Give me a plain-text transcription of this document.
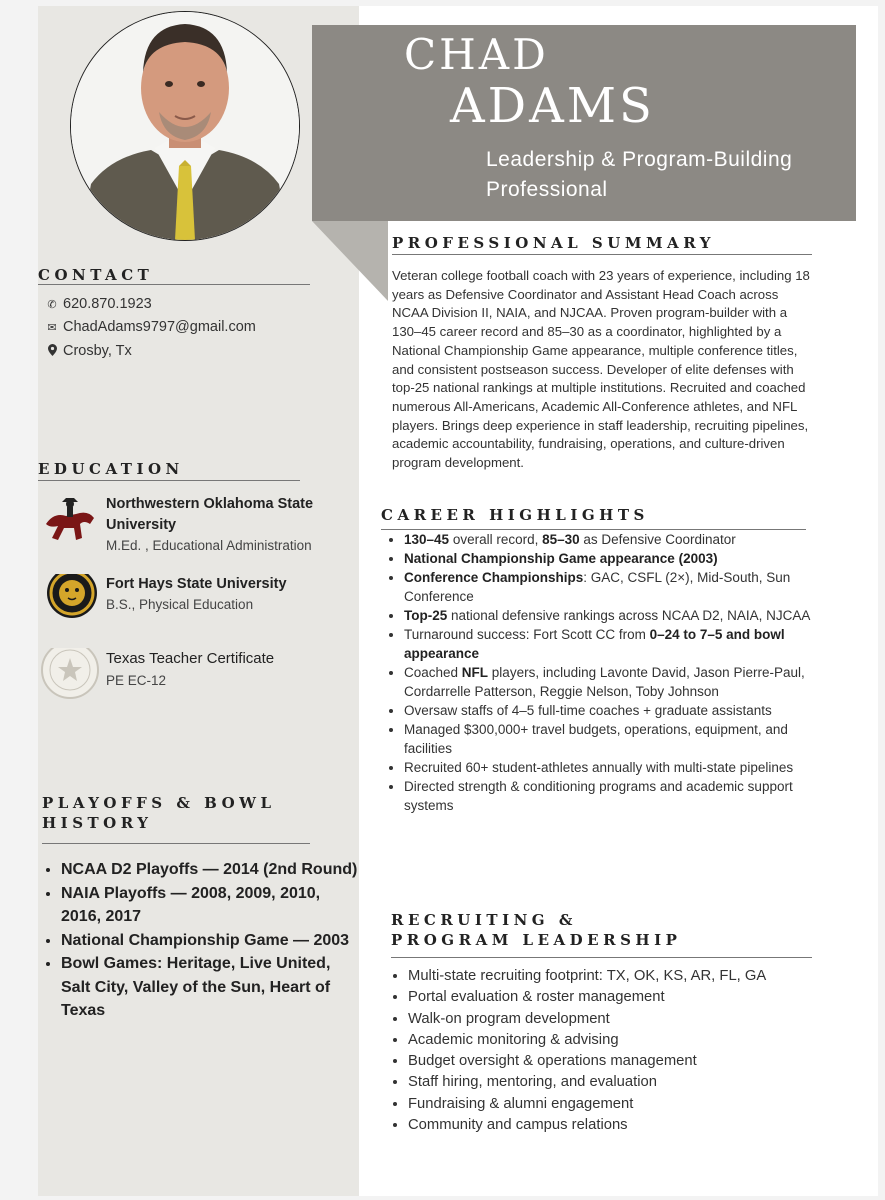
CHAD
ADAMS
Leadership & Program-Building Professional
CONTACT
✆ 620.870.1923
✉ ChadAdams9797@gmail.com
Crosby, Tx
EDUCATION
Northwestern Oklahoma State University
M.Ed. , Educational Administration
Fort Hays State University
B.S., Physical Education
Texas Teacher Certificate
PE EC-12
PLAYOFFS & BOWL HISTORY
• NCAA D2 Playoffs — 2014 (2nd Round)
• NAIA Playoffs — 2008, 2009, 2010, 2016, 2017
• National Championship Game — 2003
• Bowl Games: Heritage, Live United, Salt City, Valley of the Sun, Heart of Texas
PROFESSIONAL SUMMARY

Veteran college football coach with 23 years of experience, including 18 years as Defensive Coordinator and Assistant Head Coach across NCAA Division II, NAIA, and NJCAA. Proven program-builder with a 130–45 career record and 85–30 as a coordinator, highlighted by a National Championship Game appearance, multiple conference titles, and consistent postseason success. Developer of elite defenses with top-25 national rankings at multiple institutions. Recruited and coached numerous All-Americans, Academic All-Conference athletes, and NFL players. Brings deep experience in staff leadership, recruiting pipelines, academic accountability, fundraising, operations, and culture-driven program development.

CAREER HIGHLIGHTS
• 130–45 overall record, 85–30 as Defensive Coordinator
• National Championship Game appearance (2003)
• Conference Championships: GAC, CSFL (2×), Mid-South, Sun Conference
• Top-25 national defensive rankings across NCAA D2, NAIA, NJCAA
• Turnaround success: Fort Scott CC from 0–24 to 7–5 and bowl appearance
• Coached NFL players, including Lavonte David, Jason Pierre-Paul, Cordarrelle Patterson, Reggie Nelson, Toby Johnson
• Oversaw staffs of 4–5 full-time coaches + graduate assistants
• Managed $300,000+ travel budgets, operations, equipment, and facilities
• Recruited 60+ student-athletes annually with multi-state pipelines
• Directed strength & conditioning programs and academic support systems
RECRUITING &
PROGRAM LEADERSHIP
• Multi-state recruiting footprint: TX, OK, KS, AR, FL, GA
• Portal evaluation & roster management
• Walk-on program development
• Academic monitoring & advising
• Budget oversight & operations management
• Staff hiring, mentoring, and evaluation
• Fundraising & alumni engagement
• Community and campus relations
